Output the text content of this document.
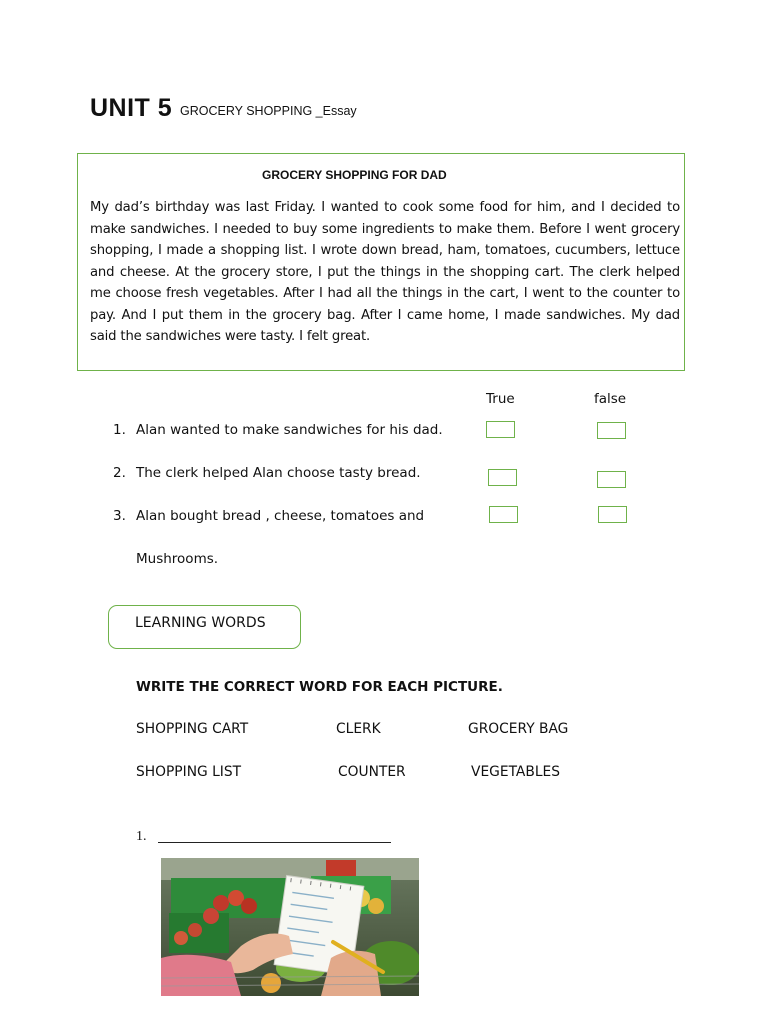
UNIT 5 GROCERY SHOPPING _Essay
GROCERY SHOPPING FOR DAD
My dad’s birthday was last Friday. I wanted to cook some food for him, and I decided to make sandwiches. I needed to buy some ingredients to make them. Before I went grocery shopping, I made a shopping list. I wrote down bread, ham, tomatoes, cucumbers, lettuce and cheese. At the grocery store, I put the things in the shopping cart. The clerk helped me choose fresh vegetables. After I had all the things in the cart, I went to the counter to pay. And I put them in the grocery bag. After I came home, I made sandwiches. My dad said the sandwiches were tasty. I felt great.
True	false
1. Alan wanted to make sandwiches for his dad.
2. The clerk helped Alan choose tasty bread.
3. Alan bought bread , cheese, tomatoes and
Mushrooms.
LEARNING WORDS
WRITE THE CORRECT WORD FOR EACH PICTURE.
SHOPPING CART	CLERK	GROCERY BAG
SHOPPING LIST	COUNTER	VEGETABLES
1.
